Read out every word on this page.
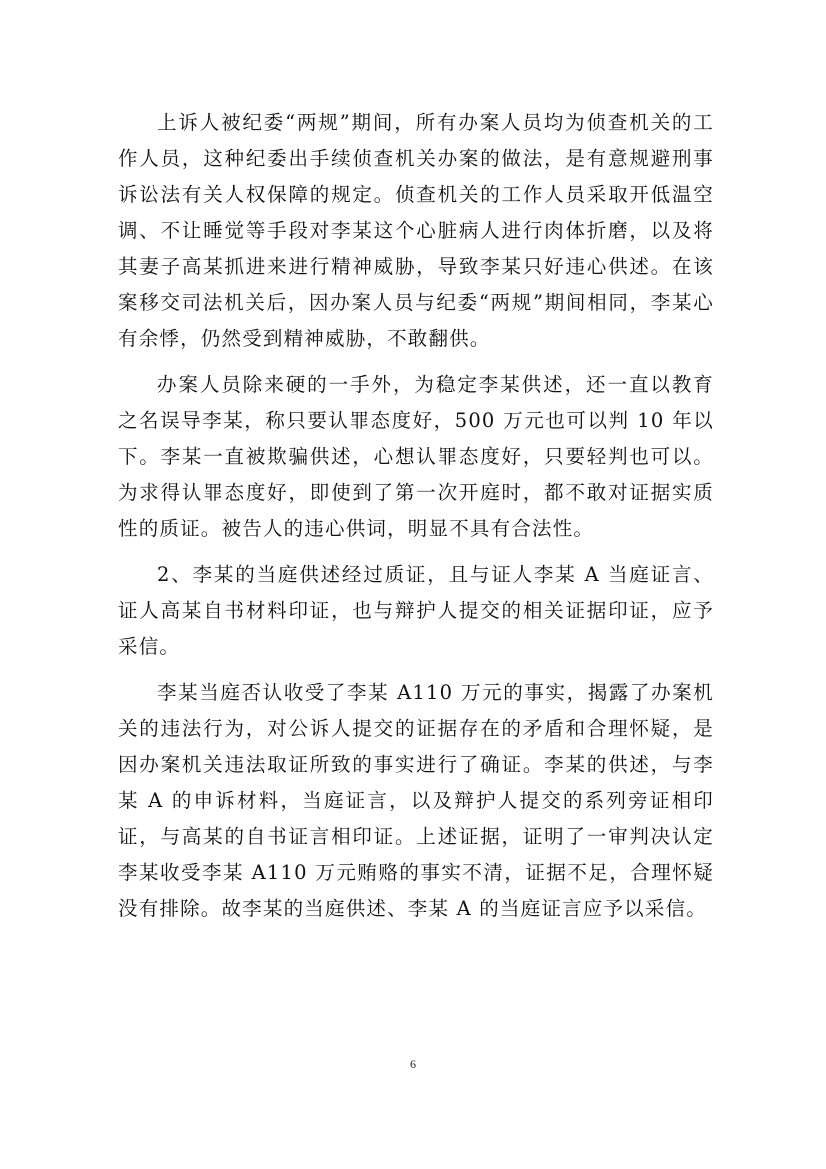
上诉人被纪委“两规”期间，所有办案人员均为侦查机关的工作人员，这种纪委出手续侦查机关办案的做法，是有意规避刑事诉讼法有关人权保障的规定。侦查机关的工作人员采取开低温空调、不让睡觉等手段对李某这个心脏病人进行肉体折磨，以及将其妻子高某抓进来进行精神威胁，导致李某只好违心供述。在该案移交司法机关后，因办案人员与纪委“两规”期间相同，李某心有余悸，仍然受到精神威胁，不敢翻供。

办案人员除来硬的一手外，为稳定李某供述，还一直以教育之名误导李某，称只要认罪态度好，500 万元也可以判 10 年以下。李某一直被欺骗供述，心想认罪态度好，只要轻判也可以。为求得认罪态度好，即使到了第一次开庭时，都不敢对证据实质性的质证。被告人的违心供词，明显不具有合法性。

2、李某的当庭供述经过质证，且与证人李某 A 当庭证言、证人高某自书材料印证，也与辩护人提交的相关证据印证，应予采信。

李某当庭否认收受了李某 A110 万元的事实，揭露了办案机关的违法行为，对公诉人提交的证据存在的矛盾和合理怀疑，是因办案机关违法取证所致的事实进行了确证。李某的供述，与李某 A 的申诉材料，当庭证言，以及辩护人提交的系列旁证相印证，与高某的自书证言相印证。上述证据，证明了一审判决认定李某收受李某 A110 万元贿赂的事实不清，证据不足，合理怀疑没有排除。故李某的当庭供述、李某 A 的当庭证言应予以采信。

6
